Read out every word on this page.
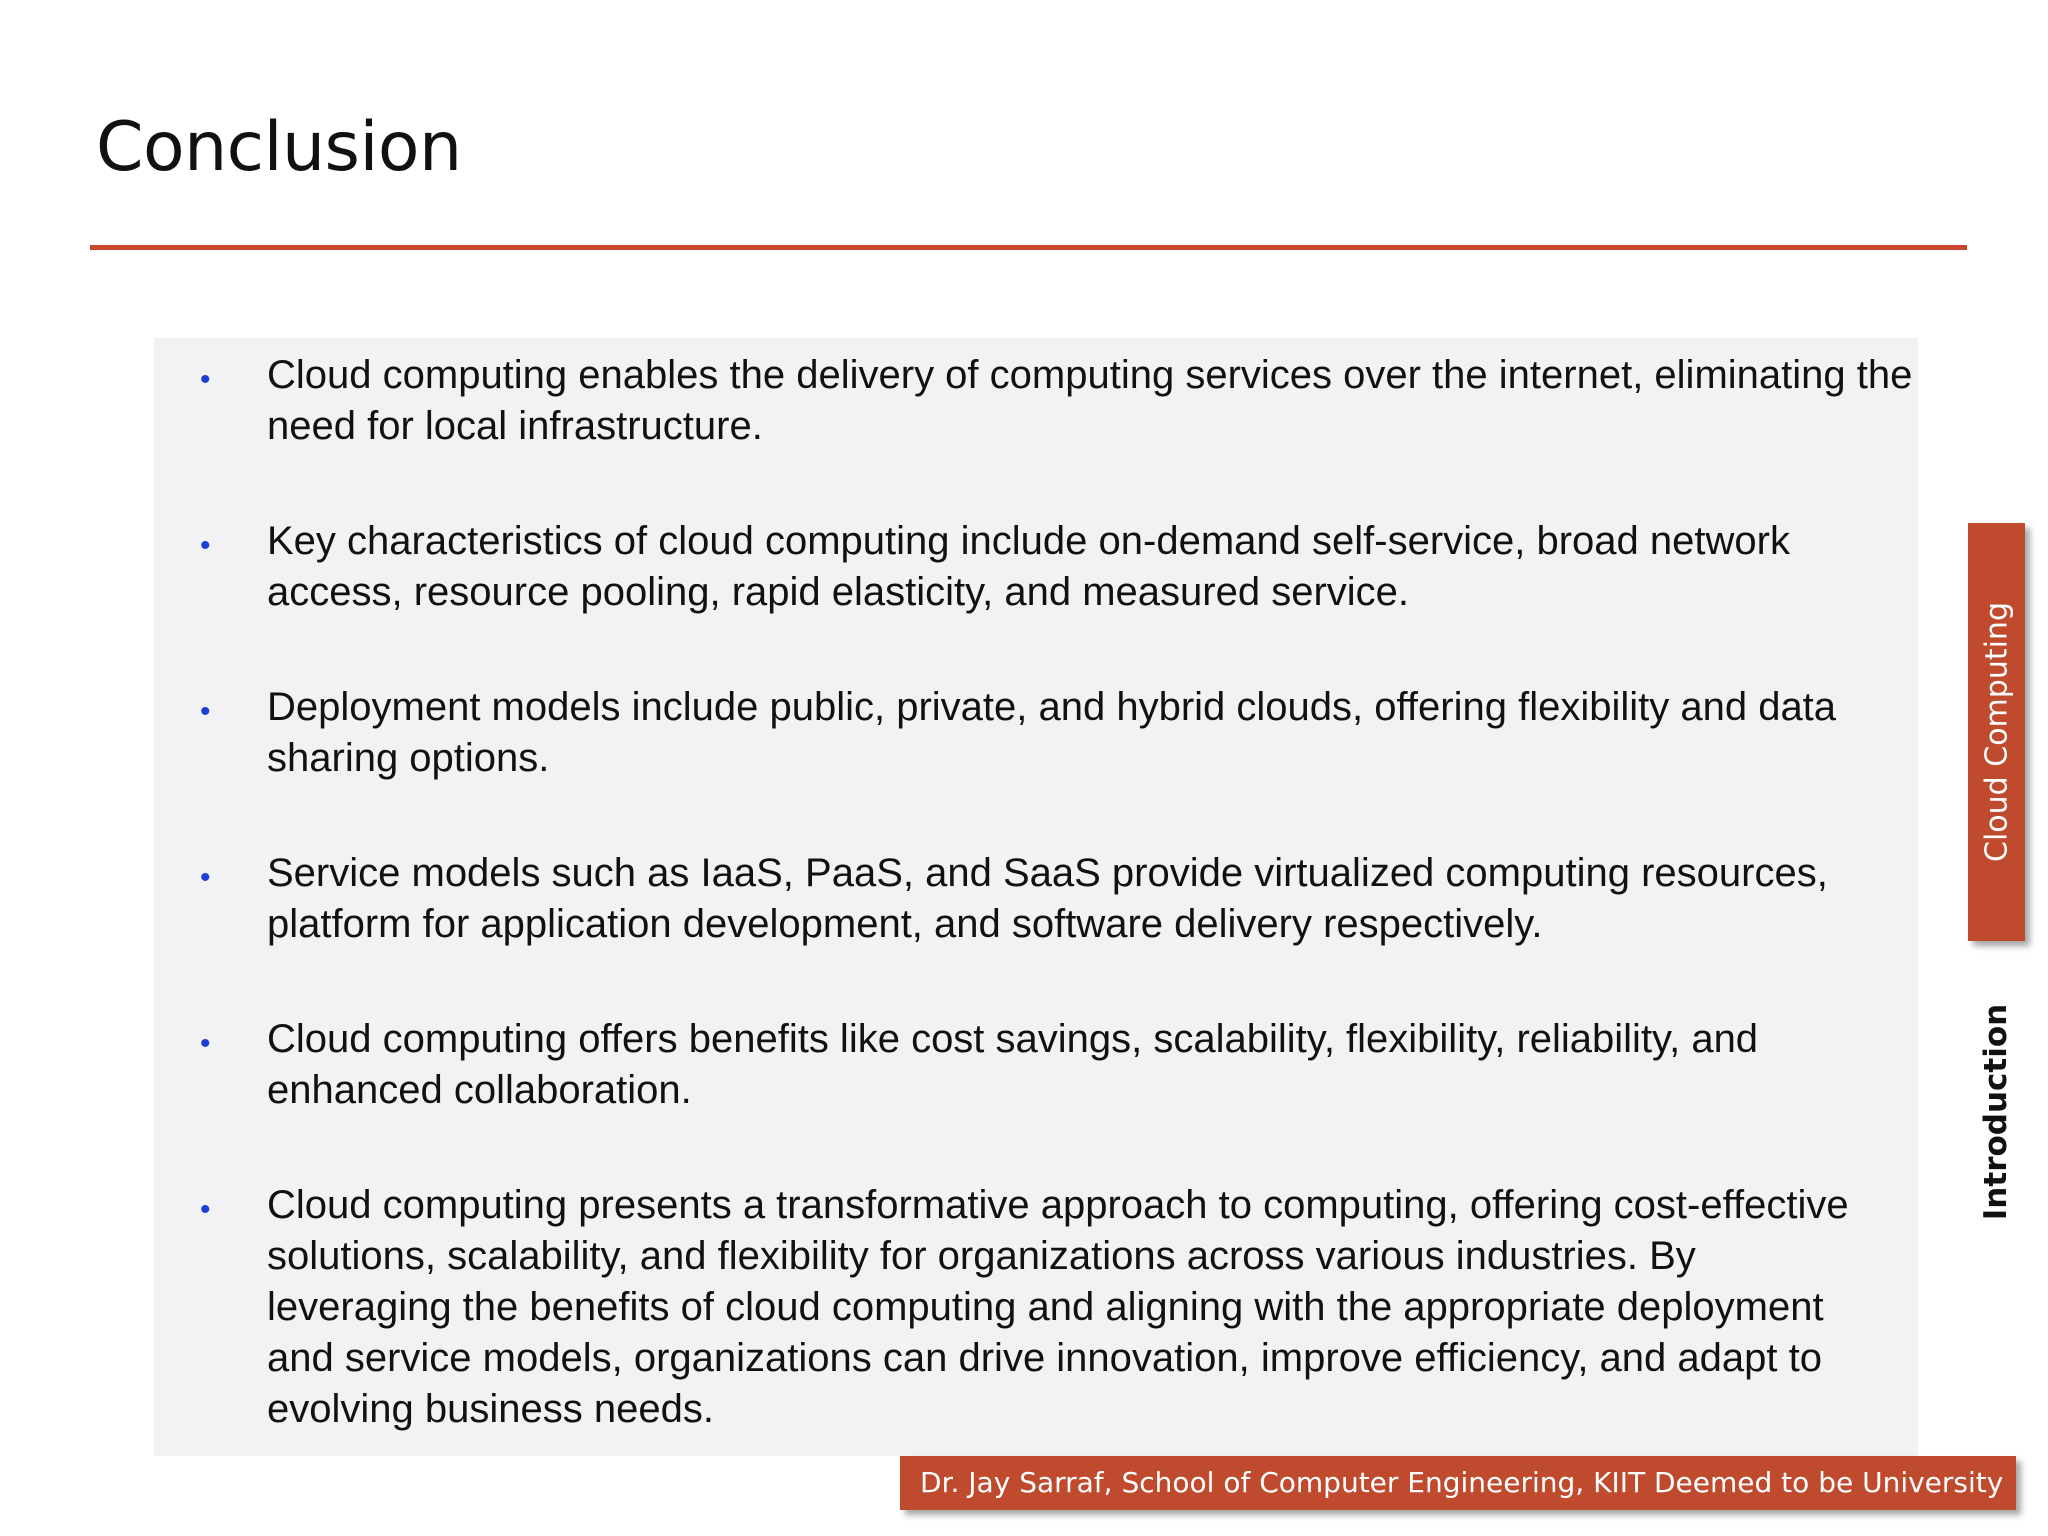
Conclusion
• Cloud computing enables the delivery of computing services over the internet, eliminating the need for local infrastructure.
• Key characteristics of cloud computing include on-demand self-service, broad network access, resource pooling, rapid elasticity, and measured service.
• Deployment models include public, private, and hybrid clouds, offering flexibility and data sharing options.
• Service models such as IaaS, PaaS, and SaaS provide virtualized computing resources, platform for application development, and software delivery respectively.
• Cloud computing offers benefits like cost savings, scalability, flexibility, reliability, and enhanced collaboration.
• Cloud computing presents a transformative approach to computing, offering cost-effective solutions, scalability, and flexibility for organizations across various industries. By leveraging the benefits of cloud computing and aligning with the appropriate deployment and service models, organizations can drive innovation, improve efficiency, and adapt to evolving business needs.
Cloud Computing
Introduction
Dr. Jay Sarraf, School of Computer Engineering, KIIT Deemed to be University
